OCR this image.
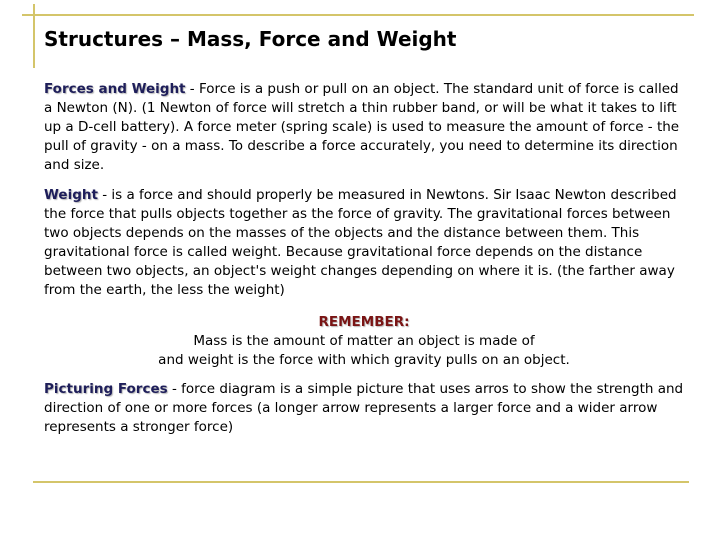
Structures – Mass, Force and Weight

Forces and Weight - Force is a push or pull on an object. The standard unit of force is called a Newton (N). (1 Newton of force will stretch a thin rubber band, or will be what it takes to lift up a D-cell battery). A force meter (spring scale) is used to measure the amount of force - the pull of gravity - on a mass. To describe a force accurately, you need to determine its direction and size.

Weight - is a force and should properly be measured in Newtons. Sir Isaac Newton described the force that pulls objects together as the force of gravity. The gravitational forces between two objects depends on the masses of the objects and the distance between them. This gravitational force is called weight. Because gravitational force depends on the distance between two objects, an object's weight changes depending on where it is. (the farther away from the earth, the less the weight)

REMEMBER:
Mass is the amount of matter an object is made of
and weight is the force with which gravity pulls on an object.

Picturing Forces - force diagram is a simple picture that uses arros to show the strength and direction of one or more forces (a longer arrow represents a larger force and a wider arrow represents a stronger force)
